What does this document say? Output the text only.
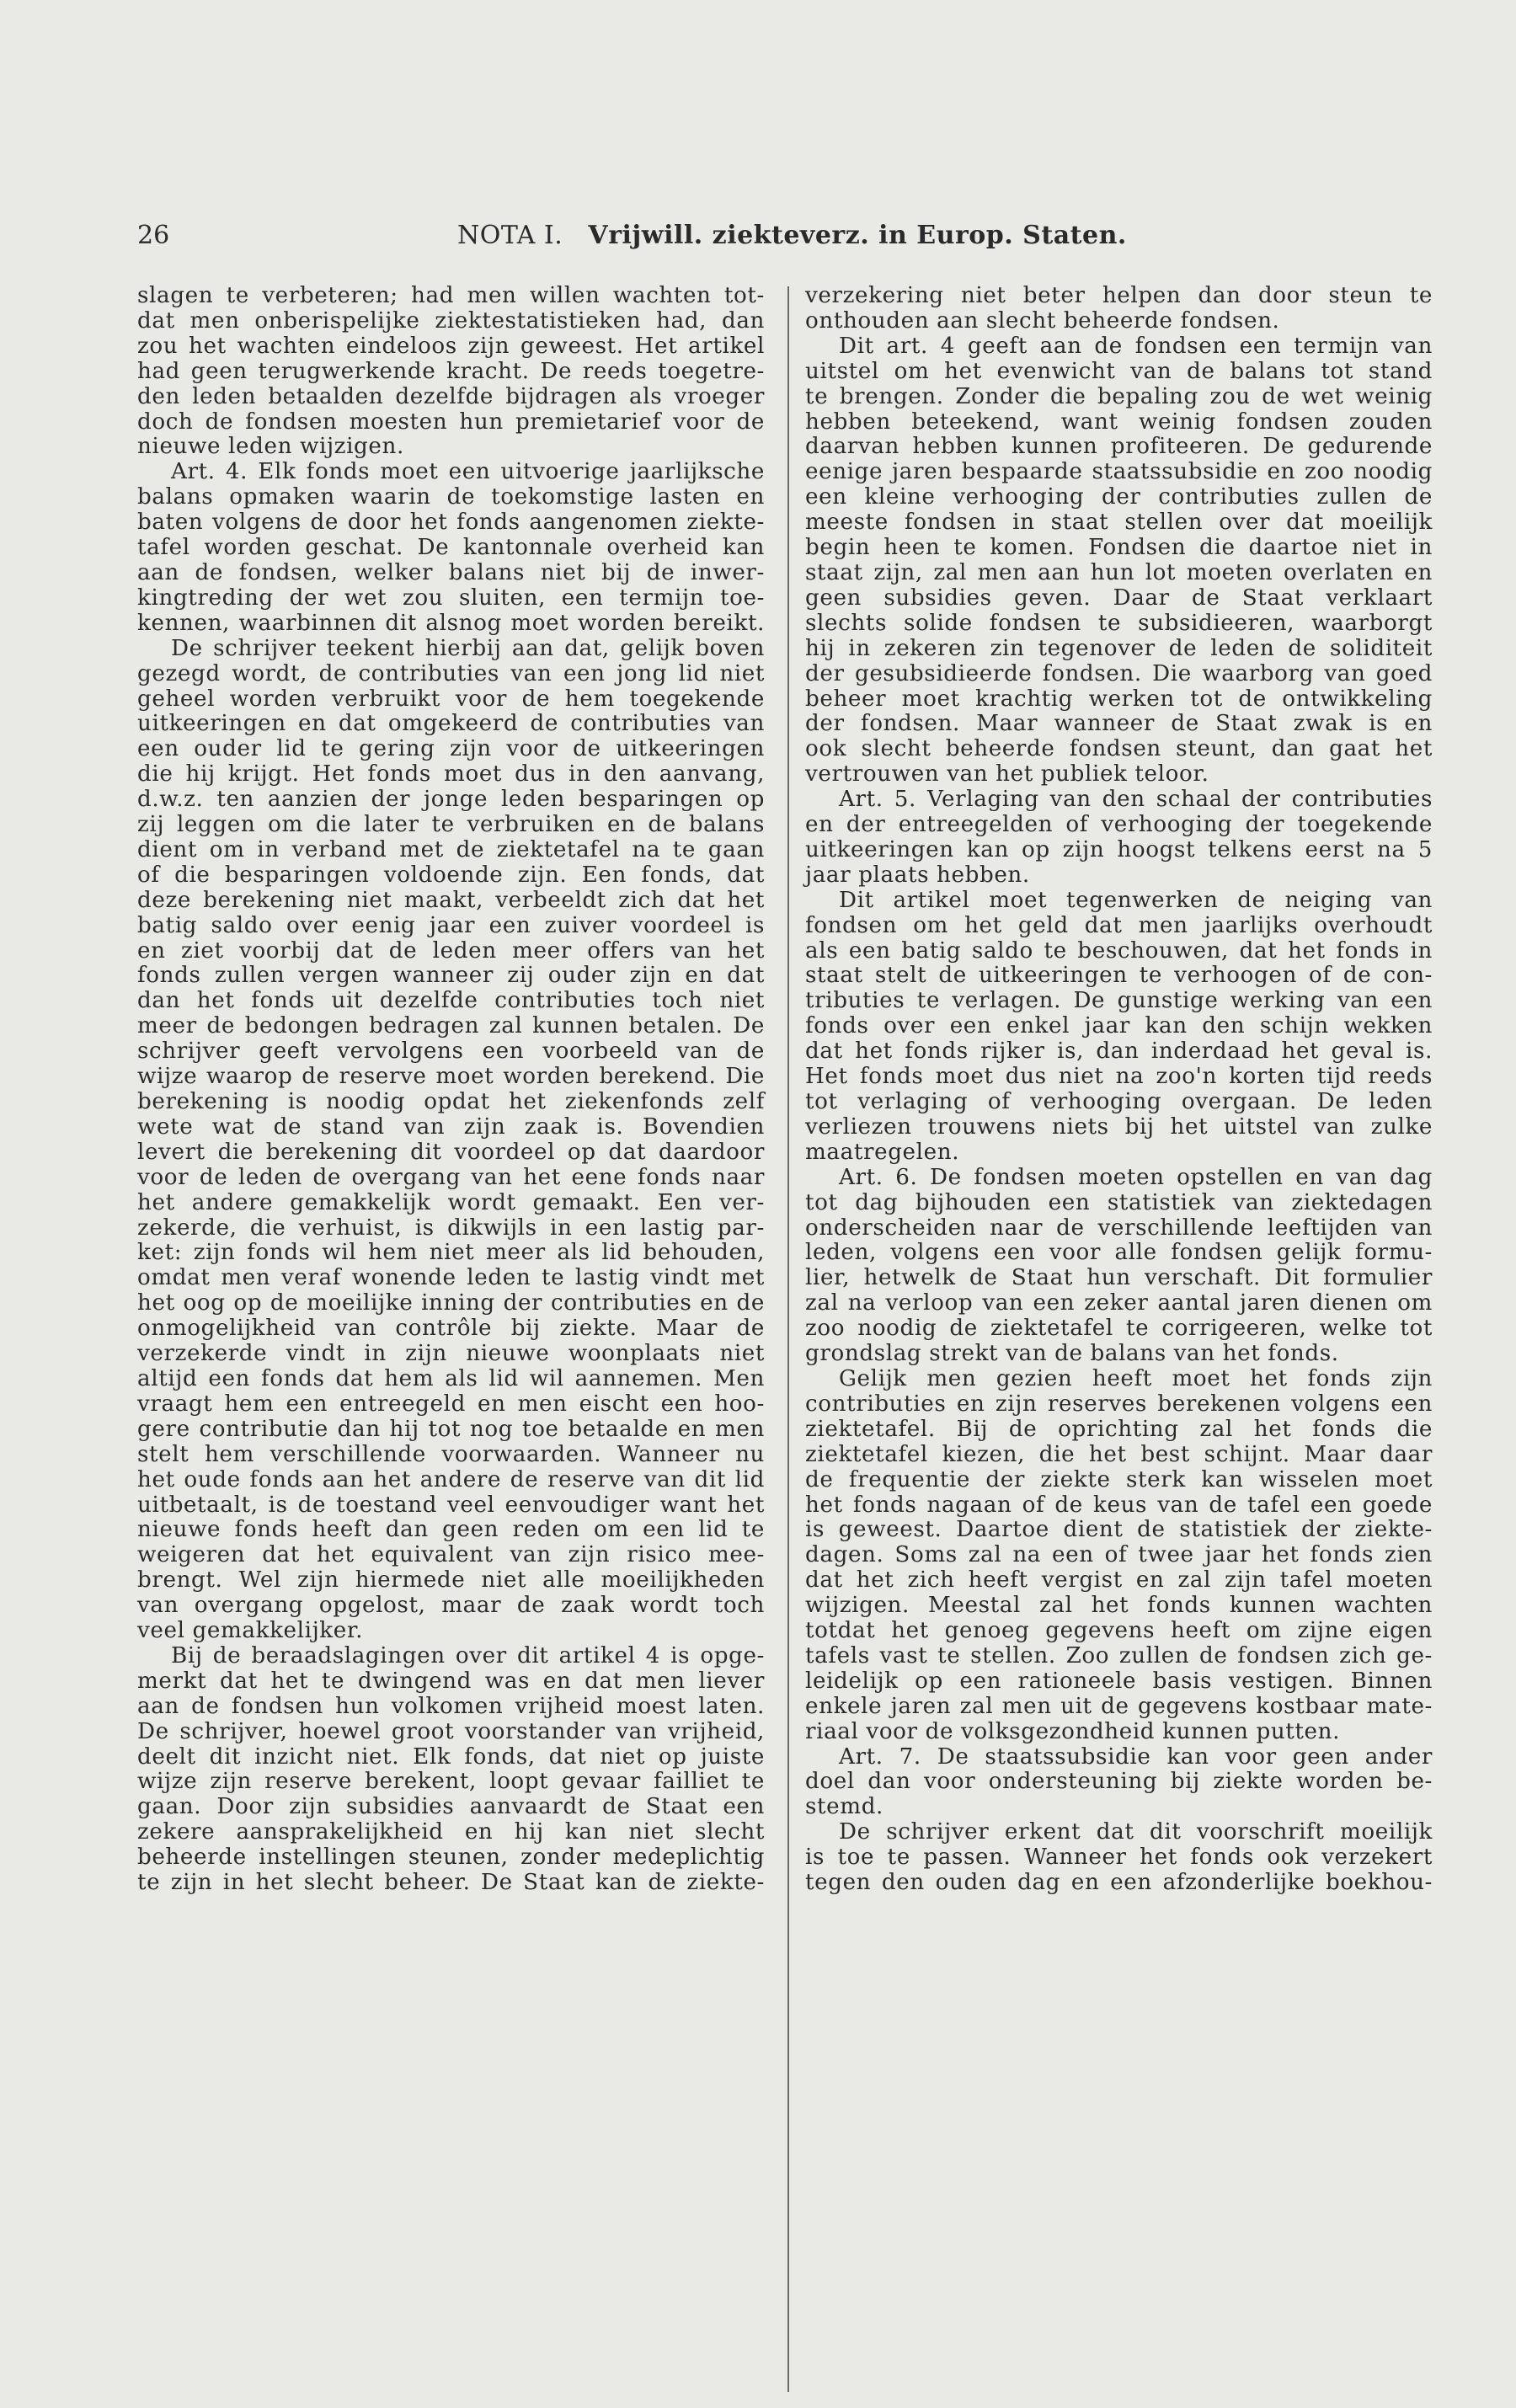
26	NOTA I. Vrijwill. ziekteverz. in Europ. Staten.

slagen te verbeteren; had men willen wachten tot-

dat men onberispelijke ziektestatistieken had, dan

zou het wachten eindeloos zijn geweest. Het artikel

had geen terugwerkende kracht. De reeds toegetre-

den leden betaalden dezelfde bijdragen als vroeger

doch de fondsen moesten hun premietarief voor de

nieuwe leden wijzigen.

Art. 4. Elk fonds moet een uitvoerige jaarlijksche

balans opmaken waarin de toekomstige lasten en

baten volgens de door het fonds aangenomen ziekte-

tafel worden geschat. De kantonnale overheid kan

aan de fondsen, welker balans niet bij de inwer-

kingtreding der wet zou sluiten, een termijn toe-

kennen, waarbinnen dit alsnog moet worden bereikt.

De schrijver teekent hierbij aan dat, gelijk boven

gezegd wordt, de contributies van een jong lid niet

geheel worden verbruikt voor de hem toegekende

uitkeeringen en dat omgekeerd de contributies van

een ouder lid te gering zijn voor de uitkeeringen

die hij krijgt. Het fonds moet dus in den aanvang,

d.w.z. ten aanzien der jonge leden besparingen op

zij leggen om die later te verbruiken en de balans

dient om in verband met de ziektetafel na te gaan

of die besparingen voldoende zijn. Een fonds, dat

deze berekening niet maakt, verbeeldt zich dat het

batig saldo over eenig jaar een zuiver voordeel is

en ziet voorbij dat de leden meer offers van het

fonds zullen vergen wanneer zij ouder zijn en dat

dan het fonds uit dezelfde contributies toch niet

meer de bedongen bedragen zal kunnen betalen. De

schrijver geeft vervolgens een voorbeeld van de

wijze waarop de reserve moet worden berekend. Die

berekening is noodig opdat het ziekenfonds zelf

wete wat de stand van zijn zaak is. Bovendien

levert die berekening dit voordeel op dat daardoor

voor de leden de overgang van het eene fonds naar

het andere gemakkelijk wordt gemaakt. Een ver-

zekerde, die verhuist, is dikwijls in een lastig par-

ket: zijn fonds wil hem niet meer als lid behouden,

omdat men veraf wonende leden te lastig vindt met

het oog op de moeilijke inning der contributies en de

onmogelijkheid van contrôle bij ziekte. Maar de

verzekerde vindt in zijn nieuwe woonplaats niet

altijd een fonds dat hem als lid wil aannemen. Men

vraagt hem een entreegeld en men eischt een hoo-

gere contributie dan hij tot nog toe betaalde en men

stelt hem verschillende voorwaarden. Wanneer nu

het oude fonds aan het andere de reserve van dit lid

uitbetaalt, is de toestand veel eenvoudiger want het

nieuwe fonds heeft dan geen reden om een lid te

weigeren dat het equivalent van zijn risico mee-

brengt. Wel zijn hiermede niet alle moeilijkheden

van overgang opgelost, maar de zaak wordt toch

veel gemakkelijker.

Bij de beraadslagingen over dit artikel 4 is opge-

merkt dat het te dwingend was en dat men liever

aan de fondsen hun volkomen vrijheid moest laten.

De schrijver, hoewel groot voorstander van vrijheid,

deelt dit inzicht niet. Elk fonds, dat niet op juiste

wijze zijn reserve berekent, loopt gevaar failliet te

gaan. Door zijn subsidies aanvaardt de Staat een

zekere aansprakelijkheid en hij kan niet slecht

beheerde instellingen steunen, zonder medeplichtig

te zijn in het slecht beheer. De Staat kan de ziekte-

verzekering niet beter helpen dan door steun te

onthouden aan slecht beheerde fondsen.

Dit art. 4 geeft aan de fondsen een termijn van

uitstel om het evenwicht van de balans tot stand

te brengen. Zonder die bepaling zou de wet weinig

hebben beteekend, want weinig fondsen zouden

daarvan hebben kunnen profiteeren. De gedurende

eenige jaren bespaarde staatssubsidie en zoo noodig

een kleine verhooging der contributies zullen de

meeste fondsen in staat stellen over dat moeilijk

begin heen te komen. Fondsen die daartoe niet in

staat zijn, zal men aan hun lot moeten overlaten en

geen subsidies geven. Daar de Staat verklaart

slechts solide fondsen te subsidieeren, waarborgt

hij in zekeren zin tegenover de leden de soliditeit

der gesubsidieerde fondsen. Die waarborg van goed

beheer moet krachtig werken tot de ontwikkeling

der fondsen. Maar wanneer de Staat zwak is en

ook slecht beheerde fondsen steunt, dan gaat het

vertrouwen van het publiek teloor.

Art. 5. Verlaging van den schaal der contributies

en der entreegelden of verhooging der toegekende

uitkeeringen kan op zijn hoogst telkens eerst na 5

jaar plaats hebben.

Dit artikel moet tegenwerken de neiging van

fondsen om het geld dat men jaarlijks overhoudt

als een batig saldo te beschouwen, dat het fonds in

staat stelt de uitkeeringen te verhoogen of de con-

tributies te verlagen. De gunstige werking van een

fonds over een enkel jaar kan den schijn wekken

dat het fonds rijker is, dan inderdaad het geval is.

Het fonds moet dus niet na zoo'n korten tijd reeds

tot verlaging of verhooging overgaan. De leden

verliezen trouwens niets bij het uitstel van zulke

maatregelen.

Art. 6. De fondsen moeten opstellen en van dag

tot dag bijhouden een statistiek van ziektedagen

onderscheiden naar de verschillende leeftijden van

leden, volgens een voor alle fondsen gelijk formu-

lier, hetwelk de Staat hun verschaft. Dit formulier

zal na verloop van een zeker aantal jaren dienen om

zoo noodig de ziektetafel te corrigeeren, welke tot

grondslag strekt van de balans van het fonds.

Gelijk men gezien heeft moet het fonds zijn

contributies en zijn reserves berekenen volgens een

ziektetafel. Bij de oprichting zal het fonds die

ziektetafel kiezen, die het best schijnt. Maar daar

de frequentie der ziekte sterk kan wisselen moet

het fonds nagaan of de keus van de tafel een goede

is geweest. Daartoe dient de statistiek der ziekte-

dagen. Soms zal na een of twee jaar het fonds zien

dat het zich heeft vergist en zal zijn tafel moeten

wijzigen. Meestal zal het fonds kunnen wachten

totdat het genoeg gegevens heeft om zijne eigen

tafels vast te stellen. Zoo zullen de fondsen zich ge-

leidelijk op een rationeele basis vestigen. Binnen

enkele jaren zal men uit de gegevens kostbaar mate-

riaal voor de volksgezondheid kunnen putten.

Art. 7. De staatssubsidie kan voor geen ander

doel dan voor ondersteuning bij ziekte worden be-

stemd.

De schrijver erkent dat dit voorschrift moeilijk

is toe te passen. Wanneer het fonds ook verzekert

tegen den ouden dag en een afzonderlijke boekhou-
